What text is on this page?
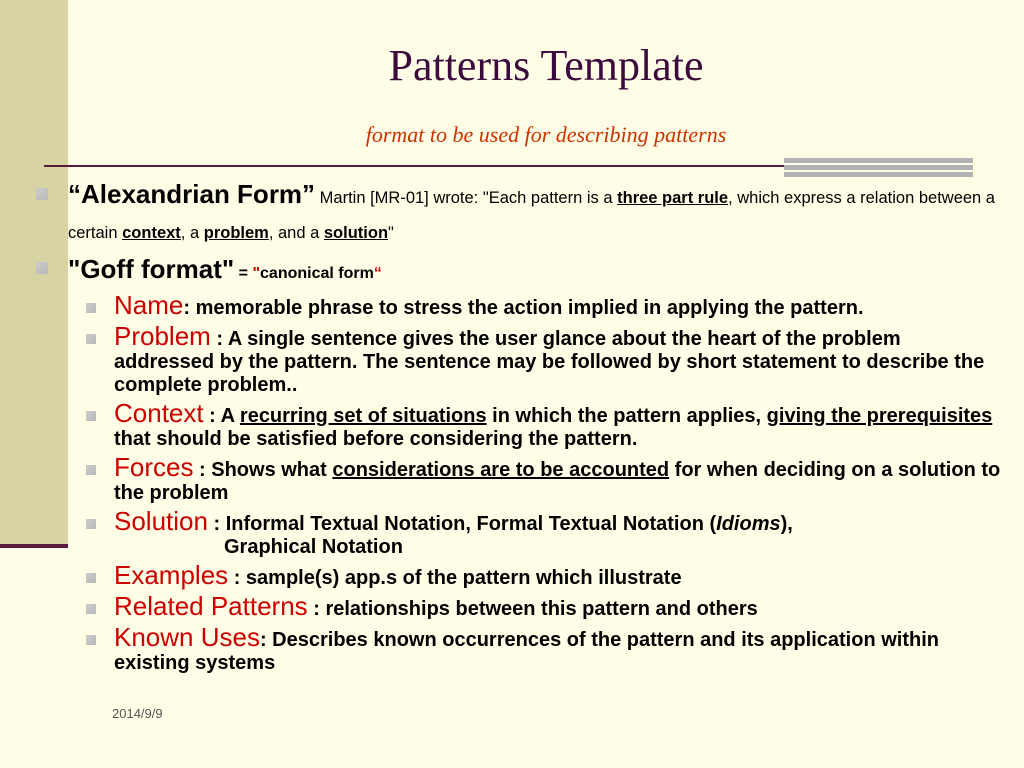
Patterns Template
format to be used for describing patterns
“Alexandrian Form” Martin [MR-01] wrote: "Each pattern is a three part rule, which express a relation between a certain context, a problem, and a solution"
"Goff format" = "canonical form“
Name: memorable phrase to stress the action implied in applying the pattern.
Problem : A single sentence gives the user glance about the heart of the problem addressed by the pattern. The sentence may be followed by short statement to describe the complete problem..
Context : A recurring set of situations in which the pattern applies, giving the prerequisites that should be satisfied before considering the pattern.
Forces : Shows what considerations are to be accounted for when deciding on a solution to the problem
Solution : Informal Textual Notation, Formal Textual Notation (Idioms),
Graphical Notation
Examples : sample(s) app.s of the pattern which illustrate
Related Patterns : relationships between this pattern and others
Known Uses: Describes known occurrences of the pattern and its application within existing systems
2014/9/9
